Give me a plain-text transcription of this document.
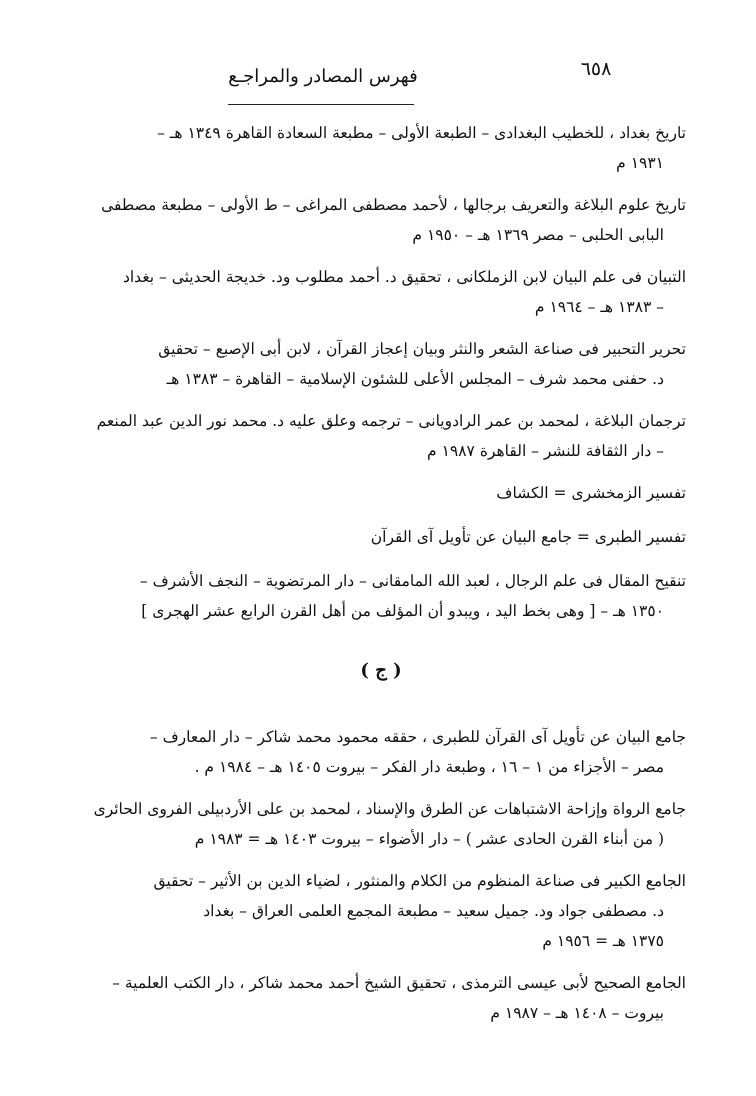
٦٥٨
فهرس المصادر والمراجـع
تاريخ بغداد ، للخطيب البغدادى – الطبعة الأولى – مطبعة السعادة القاهرة ١٣٤٩ هـ –
١٩٣١ م
تاريخ علوم البلاغة والتعريف برجالها ، لأحمد مصطفى المراغى – ط الأولى – مطبعة مصطفى
البابى الحلبى – مصر ١٣٦٩ هـ – ١٩٥٠ م
التبيان فى علم البيان لابن الزملكانى ، تحقيق د. أحمد مطلوب ود. خديجة الحديثى – بغداد
– ١٣٨٣ هـ – ١٩٦٤ م
تحرير التحبير فى صناعة الشعر والنثر وبيان إعجاز القرآن ، لابن أبى الإصبع – تحقيق
د. حفنى محمد شرف – المجلس الأعلى للشئون الإسلامية – القاهرة – ١٣٨٣ هـ
ترجمان البلاغة ، لمحمد بن عمر الرادويانى – ترجمه وعلق عليه د. محمد نور الدين عبد المنعم
– دار الثقافة للنشر – القاهرة ١٩٨٧ م
تفسير الزمخشرى = الكشاف
تفسير الطبرى = جامع البيان عن تأويل آى القرآن
تنقيح المقال فى علم الرجال ، لعبد الله المامقانى – دار المرتضوية – النجف الأشرف –
١٣٥٠ هـ – [ وهى بخط اليد ، ويبدو أن المؤلف من أهل القرن الرابع عشر الهجرى ]
( ج )
جامع البيان عن تأويل آى القرآن للطبرى ، حققه محمود محمد شاكر – دار المعارف –
مصر – الأجزاء من ١ – ١٦ ، وطبعة دار الفكر – بيروت ١٤٠٥ هـ – ١٩٨٤ م .
جامع الرواة وإزاحة الاشتباهات عن الطرق والإسناد ، لمحمد بن على الأردبيلى الفروى الحائرى
( من أبناء القرن الحادى عشر ) – دار الأضواء – بيروت ١٤٠٣ هـ = ١٩٨٣ م
الجامع الكبير فى صناعة المنظوم من الكلام والمنثور ، لضياء الدين بن الأثير – تحقيق
د. مصطفى جواد ود. جميل سعيد – مطبعة المجمع العلمى العراق – بغداد
١٣٧٥ هـ = ١٩٥٦ م
الجامع الصحيح لأبى عيسى الترمذى ، تحقيق الشيخ أحمد محمد شاكر ، دار الكتب العلمية –
بيروت – ١٤٠٨ هـ – ١٩٨٧ م
